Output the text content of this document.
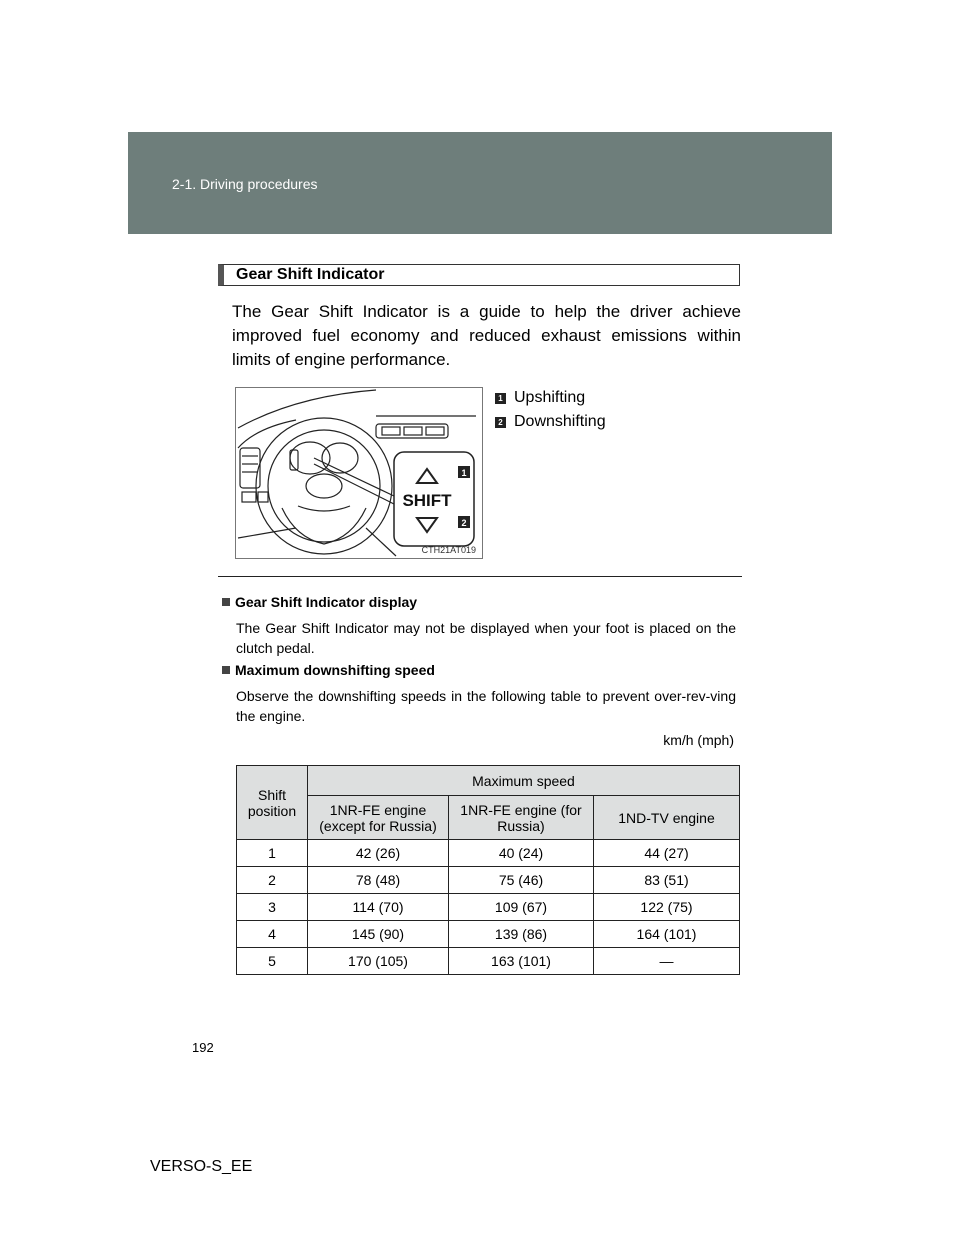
2-1. Driving procedures
Gear Shift Indicator
The Gear Shift Indicator is a guide to help the driver achieve improved fuel economy and reduced exhaust emissions within limits of engine performance.
SHIFT
1
2
CTH21AT019
1 Upshifting
2 Downshifting
Gear Shift Indicator display
The Gear Shift Indicator may not be displayed when your foot is placed on the clutch pedal.
Maximum downshifting speed
Observe the downshifting speeds in the following table to prevent over-rev-ving the engine.
km/h (mph)
Shift position	Maximum speed		
	1NR-FE engine (except for Russia)	1NR-FE engine (for Russia)	1ND-TV engine
1	42 (26)	40 (24)	44 (27)
2	78 (48)	75 (46)	83 (51)
3	114 (70)	109 (67)	122 (75)
4	145 (90)	139 (86)	164 (101)
5	170 (105)	163 (101)	—
192
VERSO-S_EE
